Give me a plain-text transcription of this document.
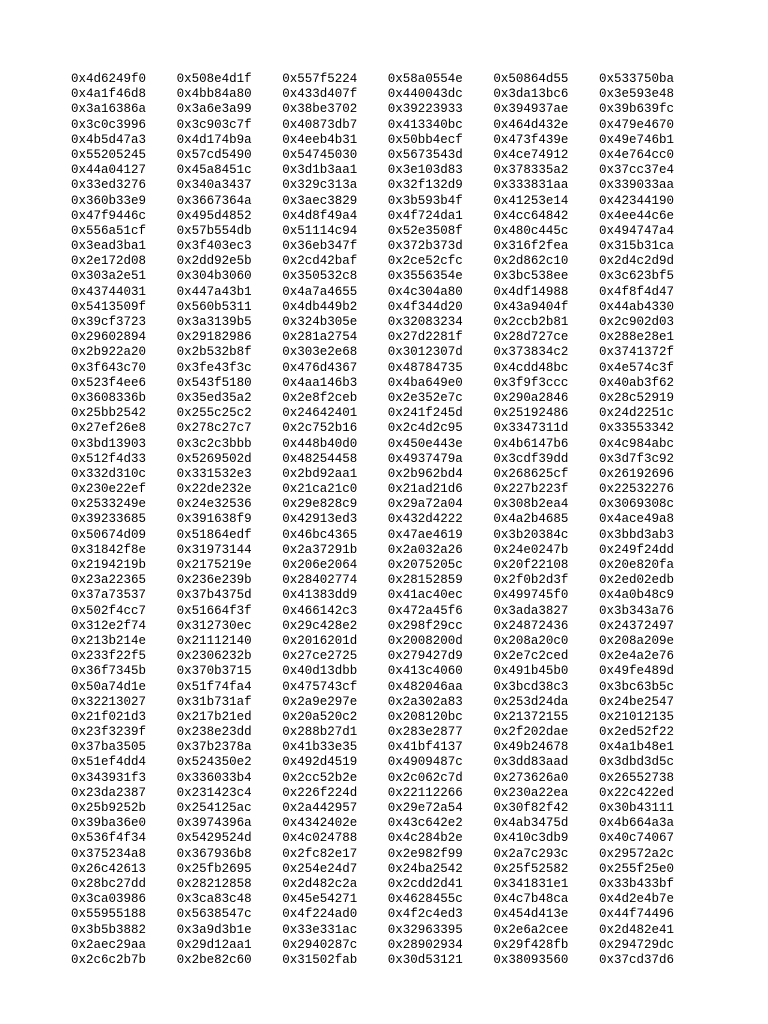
0x4d6249f0	0x508e4d1f	0x557f5224	0x58a0554e	0x50864d55	0x533750ba
0x4a1f46d8	0x4bb84a80	0x433d407f	0x440043dc	0x3da13bc6	0x3e593e48
0x3a16386a	0x3a6e3a99	0x38be3702	0x39223933	0x394937ae	0x39b639fc
0x3c0c3996	0x3c903c7f	0x40873db7	0x413340bc	0x464d432e	0x479e4670
0x4b5d47a3	0x4d174b9a	0x4eeb4b31	0x50bb4ecf	0x473f439e	0x49e746b1
0x55205245	0x57cd5490	0x54745030	0x5673543d	0x4ce74912	0x4e764cc0
0x44a04127	0x45a8451c	0x3d1b3aa1	0x3e103d83	0x378335a2	0x37cc37e4
0x33ed3276	0x340a3437	0x329c313a	0x32f132d9	0x333831aa	0x339033aa
0x360b33e9	0x3667364a	0x3aec3829	0x3b593b4f	0x41253e14	0x42344190
0x47f9446c	0x495d4852	0x4d8f49a4	0x4f724da1	0x4cc64842	0x4ee44c6e
0x556a51cf	0x57b554db	0x51114c94	0x52e3508f	0x480c445c	0x494747a4
0x3ead3ba1	0x3f403ec3	0x36eb347f	0x372b373d	0x316f2fea	0x315b31ca
0x2e172d08	0x2dd92e5b	0x2cd42baf	0x2ce52cfc	0x2d862c10	0x2d4c2d9d
0x303a2e51	0x304b3060	0x350532c8	0x3556354e	0x3bc538ee	0x3c623bf5
0x43744031	0x447a43b1	0x4a7a4655	0x4c304a80	0x4df14988	0x4f8f4d47
0x5413509f	0x560b5311	0x4db449b2	0x4f344d20	0x43a9404f	0x44ab4330
0x39cf3723	0x3a3139b5	0x324b305e	0x32083234	0x2ccb2b81	0x2c902d03
0x29602894	0x29182986	0x281a2754	0x27d2281f	0x28d727ce	0x288e28e1
0x2b922a20	0x2b532b8f	0x303e2e68	0x3012307d	0x373834c2	0x3741372f
0x3f643c70	0x3fe43f3c	0x476d4367	0x48784735	0x4cdd48bc	0x4e574c3f
0x523f4ee6	0x543f5180	0x4aa146b3	0x4ba649e0	0x3f9f3ccc	0x40ab3f62
0x3608336b	0x35ed35a2	0x2e8f2ceb	0x2e352e7c	0x290a2846	0x28c52919
0x25bb2542	0x255c25c2	0x24642401	0x241f245d	0x25192486	0x24d2251c
0x27ef26e8	0x278c27c7	0x2c752b16	0x2c4d2c95	0x3347311d	0x33553342
0x3bd13903	0x3c2c3bbb	0x448b40d0	0x450e443e	0x4b6147b6	0x4c984abc
0x512f4d33	0x5269502d	0x48254458	0x4937479a	0x3cdf39dd	0x3d7f3c92
0x332d310c	0x331532e3	0x2bd92aa1	0x2b962bd4	0x268625cf	0x26192696
0x230e22ef	0x22de232e	0x21ca21c0	0x21ad21d6	0x227b223f	0x22532276
0x2533249e	0x24e32536	0x29e828c9	0x29a72a04	0x308b2ea4	0x3069308c
0x39233685	0x391638f9	0x42913ed3	0x432d4222	0x4a2b4685	0x4ace49a8
0x50674d09	0x51864edf	0x46bc4365	0x47ae4619	0x3b20384c	0x3bbd3ab3
0x31842f8e	0x31973144	0x2a37291b	0x2a032a26	0x24e0247b	0x249f24dd
0x2194219b	0x2175219e	0x206e2064	0x2075205c	0x20f22108	0x20e820fa
0x23a22365	0x236e239b	0x28402774	0x28152859	0x2f0b2d3f	0x2ed02edb
0x37a73537	0x37b4375d	0x41383dd9	0x41ac40ec	0x499745f0	0x4a0b48c9
0x502f4cc7	0x51664f3f	0x466142c3	0x472a45f6	0x3ada3827	0x3b343a76
0x312e2f74	0x312730ec	0x29c428e2	0x298f29cc	0x24872436	0x24372497
0x213b214e	0x21112140	0x2016201d	0x2008200d	0x208a20c0	0x208a209e
0x233f22f5	0x2306232b	0x27ce2725	0x279427d9	0x2e7c2ced	0x2e4a2e76
0x36f7345b	0x370b3715	0x40d13dbb	0x413c4060	0x491b45b0	0x49fe489d
0x50a74d1e	0x51f74fa4	0x475743cf	0x482046aa	0x3bcd38c3	0x3bc63b5c
0x32213027	0x31b731af	0x2a9e297e	0x2a302a83	0x253d24da	0x24be2547
0x21f021d3	0x217b21ed	0x20a520c2	0x208120bc	0x21372155	0x21012135
0x23f3239f	0x238e23dd	0x288b27d1	0x283e2877	0x2f202dae	0x2ed52f22
0x37ba3505	0x37b2378a	0x41b33e35	0x41bf4137	0x49b24678	0x4a1b48e1
0x51ef4dd4	0x524350e2	0x492d4519	0x4909487c	0x3dd83aad	0x3dbd3d5c
0x343931f3	0x336033b4	0x2cc52b2e	0x2c062c7d	0x273626a0	0x26552738
0x23da2387	0x231423c4	0x226f224d	0x22112266	0x230a22ea	0x22c422ed
0x25b9252b	0x254125ac	0x2a442957	0x29e72a54	0x30f82f42	0x30b43111
0x39ba36e0	0x3974396a	0x4342402e	0x43c642e2	0x4ab3475d	0x4b664a3a
0x536f4f34	0x5429524d	0x4c024788	0x4c284b2e	0x410c3db9	0x40c74067
0x375234a8	0x367936b8	0x2fc82e17	0x2e982f99	0x2a7c293c	0x29572a2c
0x26c42613	0x25fb2695	0x254e24d7	0x24ba2542	0x25f52582	0x255f25e0
0x28bc27dd	0x28212858	0x2d482c2a	0x2cdd2d41	0x341831e1	0x33b433bf
0x3ca03986	0x3ca83c48	0x45e54271	0x4628455c	0x4c7b48ca	0x4d2e4b7e
0x55955188	0x5638547c	0x4f224ad0	0x4f2c4ed3	0x454d413e	0x44f74496
0x3b5b3882	0x3a9d3b1e	0x33e331ac	0x32963395	0x2e6a2cee	0x2d482e41
0x2aec29aa	0x29d12aa1	0x2940287c	0x28902934	0x29f428fb	0x294729dc
0x2c6c2b7b	0x2be82c60	0x31502fab	0x30d53121	0x38093560	0x37cd37d6
